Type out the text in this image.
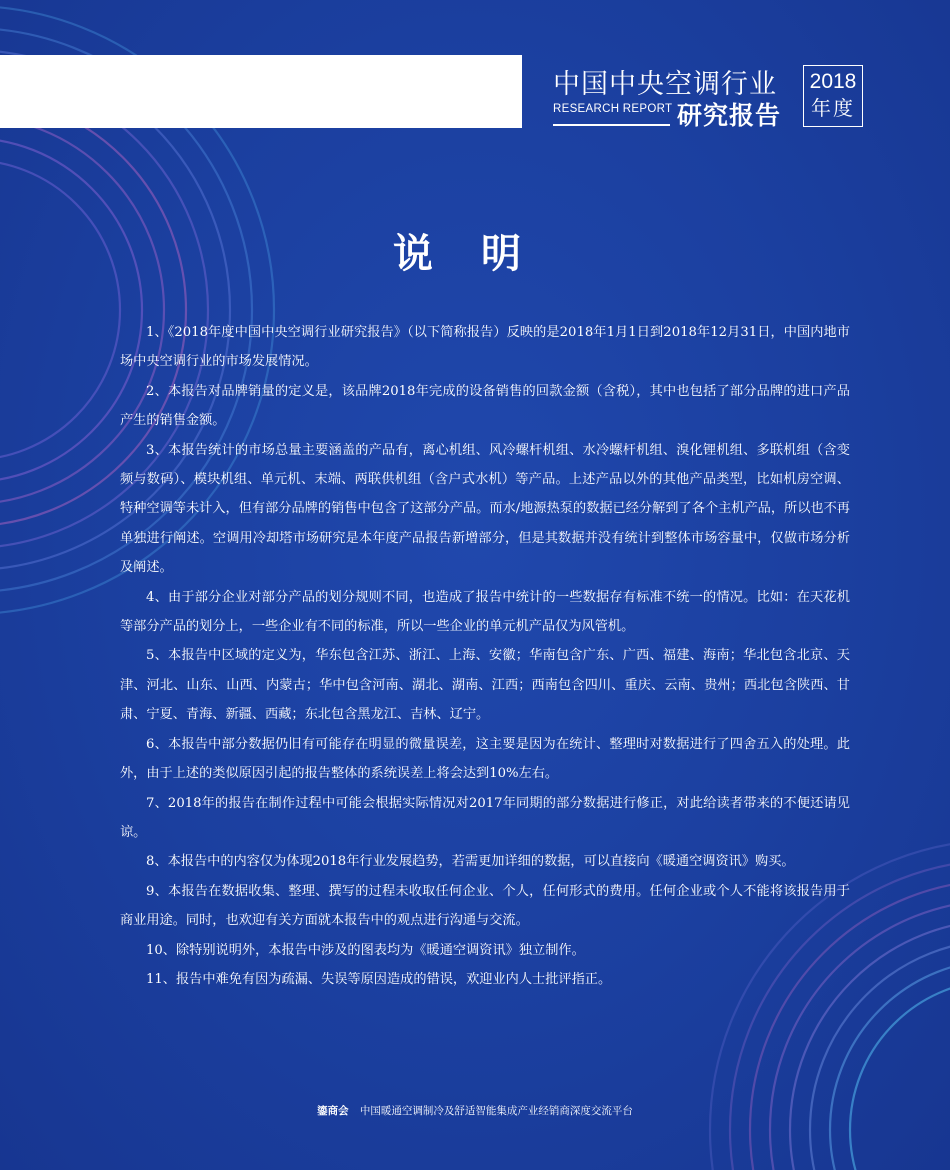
中国中央空调行业
RESEARCH REPORT 研究报告
2018
年度
说明

1、《2018年度中国中央空调行业研究报告》（以下简称报告）反映的是2018年1月1日到2018年12月31日，中国内地市场中央空调行业的市场发展情况。

2、本报告对品牌销量的定义是，该品牌2018年完成的设备销售的回款金额（含税），其中也包括了部分品牌的进口产品产生的销售金额。

3、本报告统计的市场总量主要涵盖的产品有，离心机组、风冷螺杆机组、水冷螺杆机组、溴化锂机组、多联机组（含变频与数码）、模块机组、单元机、末端、两联供机组（含户式水机）等产品。上述产品以外的其他产品类型，比如机房空调、特种空调等未计入，但有部分品牌的销售中包含了这部分产品。而水/地源热泵的数据已经分解到了各个主机产品，所以也不再单独进行阐述。空调用冷却塔市场研究是本年度产品报告新增部分，但是其数据并没有统计到整体市场容量中，仅做市场分析及阐述。

4、由于部分企业对部分产品的划分规则不同，也造成了报告中统计的一些数据存有标准不统一的情况。比如：在天花机等部分产品的划分上，一些企业有不同的标准，所以一些企业的单元机产品仅为风管机。

5、本报告中区域的定义为，华东包含江苏、浙江、上海、安徽；华南包含广东、广西、福建、海南；华北包含北京、天津、河北、山东、山西、内蒙古；华中包含河南、湖北、湖南、江西；西南包含四川、重庆、云南、贵州；西北包含陕西、甘肃、宁夏、青海、新疆、西藏；东北包含黑龙江、吉林、辽宁。

6、本报告中部分数据仍旧有可能存在明显的微量误差，这主要是因为在统计、整理时对数据进行了四舍五入的处理。此外，由于上述的类似原因引起的报告整体的系统误差上将会达到10%左右。

7、2018年的报告在制作过程中可能会根据实际情况对2017年同期的部分数据进行修正，对此给读者带来的不便还请见谅。

8、本报告中的内容仅为体现2018年行业发展趋势，若需更加详细的数据，可以直接向《暖通空调资讯》购买。

9、本报告在数据收集、整理、撰写的过程未收取任何企业、个人，任何形式的费用。任何企业或个人不能将该报告用于商业用途。同时，也欢迎有关方面就本报告中的观点进行沟通与交流。

10、除特别说明外，本报告中涉及的图表均为《暖通空调资讯》独立制作。

11、报告中难免有因为疏漏、失误等原因造成的错误，欢迎业内人士批评指正。

鎏商会 中国暖通空调制冷及舒适智能集成产业经销商深度交流平台
